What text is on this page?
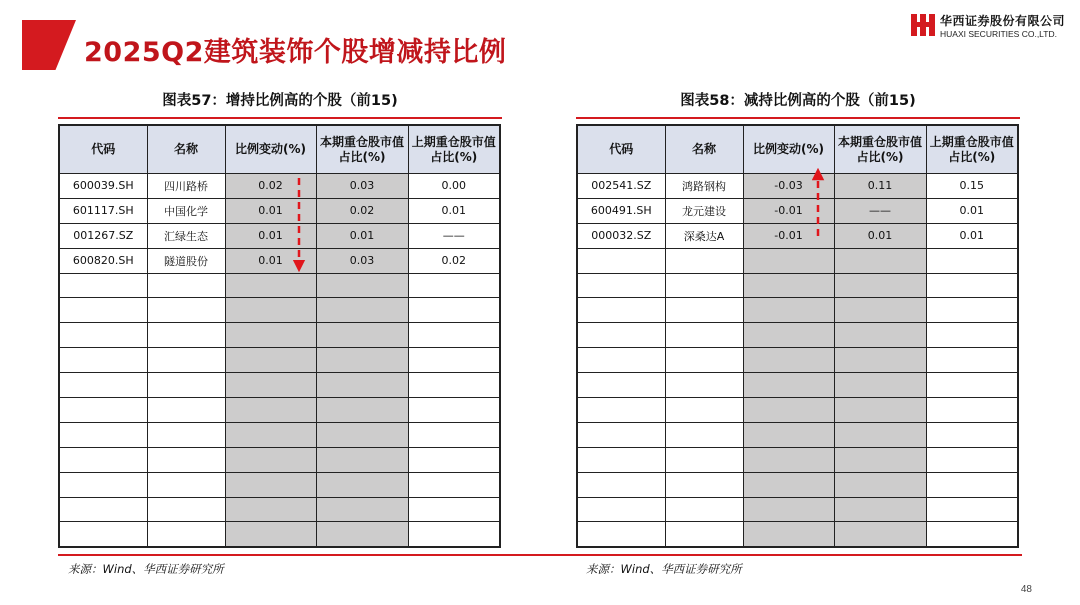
2025Q2建筑装饰个股增减持比例
华西证券股份有限公司
HUAXI SECURITIES CO.,LTD.
图表57：增持比例高的个股（前15)
代码	名称	比例变动(%)	本期重仓股市值占比(%)	上期重仓股市值占比(%)
600039.SH	四川路桥	0.02	0.03	0.00
601117.SH	中国化学	0.01	0.02	0.01
001267.SZ	汇绿生态	0.01	0.01	——
600820.SH	隧道股份	0.01	0.03	0.02

来源：Wind、华西证券研究所
图表58：减持比例高的个股（前15)
代码	名称	比例变动(%)	本期重仓股市值占比(%)	上期重仓股市值占比(%)
002541.SZ	鸿路钢构	-0.03	0.11	0.15
600491.SH	龙元建设	-0.01	——	0.01
000032.SZ	深桑达A	-0.01	0.01	0.01

来源：Wind、华西证券研究所
48
